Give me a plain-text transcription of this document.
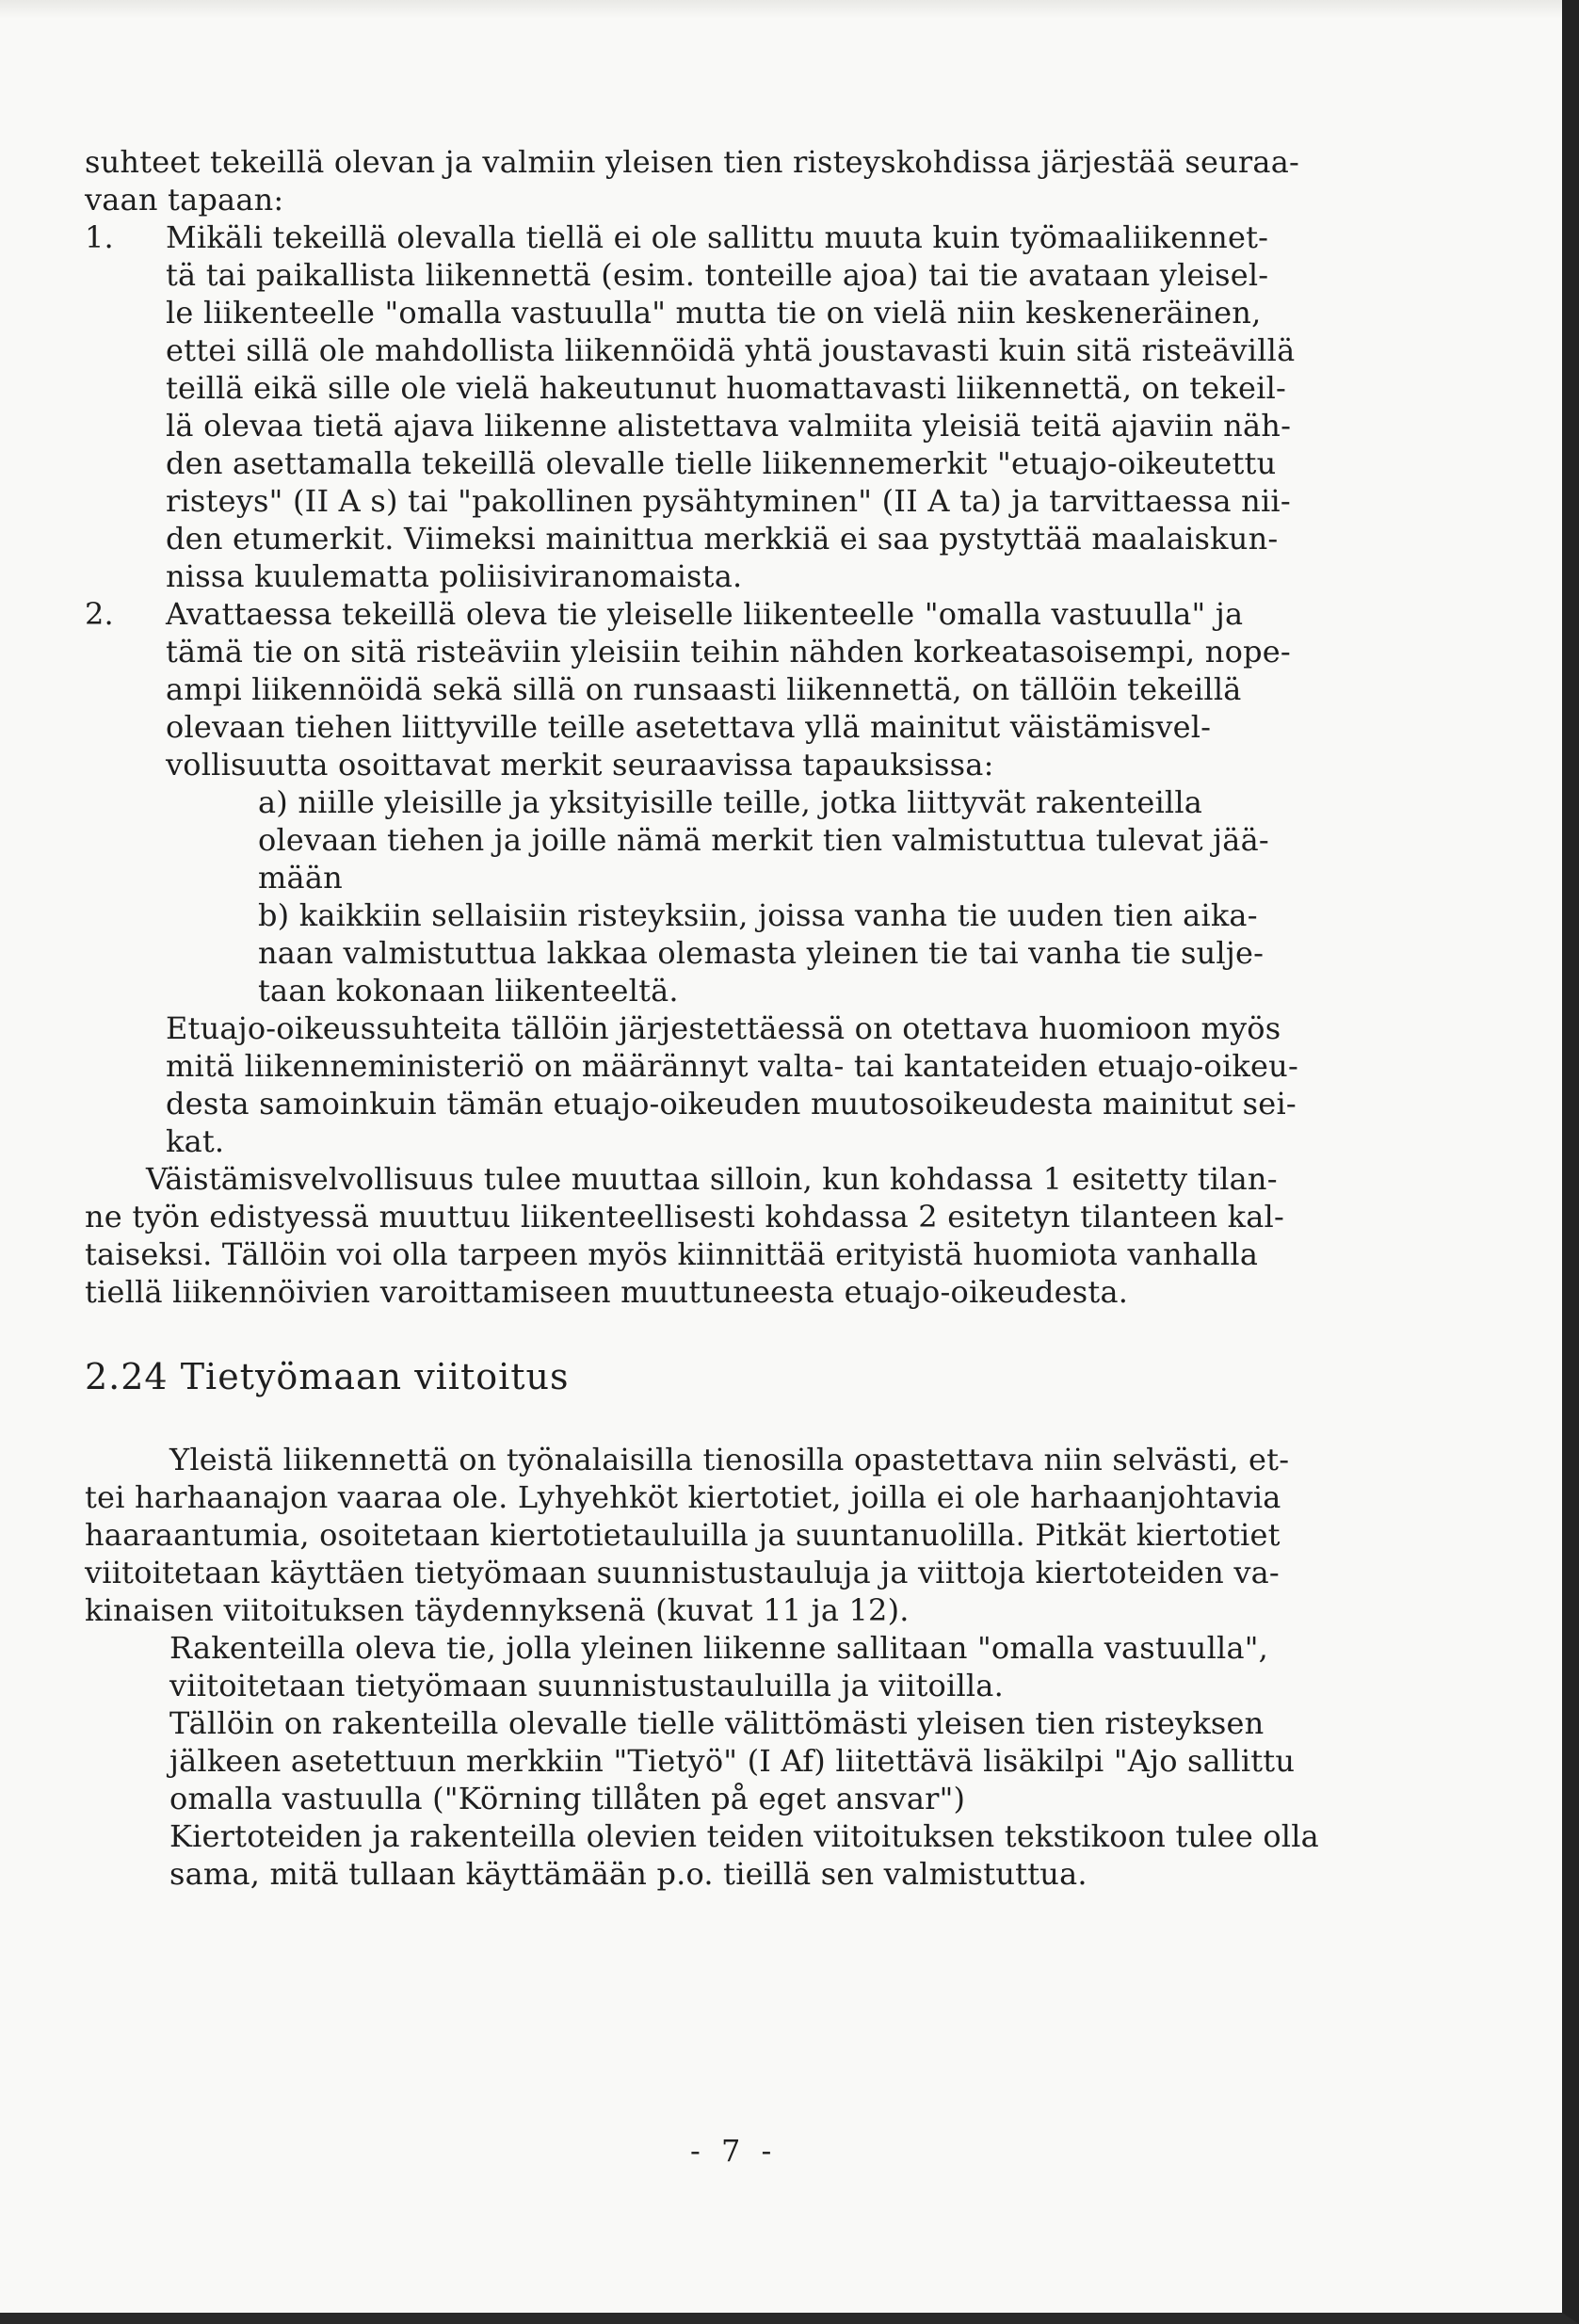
suhteet tekeillä olevan ja valmiin yleisen tien risteyskohdissa järjestää seuraa-
vaan tapaan:
1. Mikäli tekeillä olevalla tiellä ei ole sallittu muuta kuin työmaaliikennet-
tä tai paikallista liikennettä (esim. tonteille ajoa) tai tie avataan yleisel-
le liikenteelle "omalla vastuulla" mutta tie on vielä niin keskeneräinen,
ettei sillä ole mahdollista liikennöidä yhtä joustavasti kuin sitä risteävillä
teillä eikä sille ole vielä hakeutunut huomattavasti liikennettä, on tekeil-
lä olevaa tietä ajava liikenne alistettava valmiita yleisiä teitä ajaviin näh-
den asettamalla tekeillä olevalle tielle liikennemerkit "etuajo-oikeutettu
risteys" (II A s) tai "pakollinen pysähtyminen" (II A ta) ja tarvittaessa nii-
den etumerkit. Viimeksi mainittua merkkiä ei saa pystyttää maalaiskun-
nissa kuulematta poliisiviranomaista.
2. Avattaessa tekeillä oleva tie yleiselle liikenteelle "omalla vastuulla" ja
tämä tie on sitä risteäviin yleisiin teihin nähden korkeatasoisempi, nope-
ampi liikennöidä sekä sillä on runsaasti liikennettä, on tällöin tekeillä
olevaan tiehen liittyville teille asetettava yllä mainitut väistämisvel-
vollisuutta osoittavat merkit seuraavissa tapauksissa:
a) niille yleisille ja yksityisille teille, jotka liittyvät rakenteilla
olevaan tiehen ja joille nämä merkit tien valmistuttua tulevat jää-
mään
b) kaikkiin sellaisiin risteyksiin, joissa vanha tie uuden tien aika-
naan valmistuttua lakkaa olemasta yleinen tie tai vanha tie sulje-
taan kokonaan liikenteeltä.
Etuajo-oikeussuhteita tällöin järjestettäessä on otettava huomioon myös
mitä liikenneministeriö on määrännyt valta- tai kantateiden etuajo-oikeu-
desta samoinkuin tämän etuajo-oikeuden muutosoikeudesta mainitut sei-
kat.
Väistämisvelvollisuus tulee muuttaa silloin, kun kohdassa 1 esitetty tilan-
ne työn edistyessä muuttuu liikenteellisesti kohdassa 2 esitetyn tilanteen kal-
taiseksi. Tällöin voi olla tarpeen myös kiinnittää erityistä huomiota vanhalla
tiellä liikennöivien varoittamiseen muuttuneesta etuajo-oikeudesta.
2.24 Tietyömaan viitoitus
Yleistä liikennettä on työnalaisilla tienosilla opastettava niin selvästi, et-
tei harhaanajon vaaraa ole. Lyhyehköt kiertotiet, joilla ei ole harhaanjohtavia
haaraantumia, osoitetaan kiertotietauluilla ja suuntanuolilla. Pitkät kiertotiet
viitoitetaan käyttäen tietyömaan suunnistustauluja ja viittoja kiertoteiden va-
kinaisen viitoituksen täydennyksenä (kuvat 11 ja 12).
Rakenteilla oleva tie, jolla yleinen liikenne sallitaan "omalla vastuulla",
viitoitetaan tietyömaan suunnistustauluilla ja viitoilla.
Tällöin on rakenteilla olevalle tielle välittömästi yleisen tien risteyksen
jälkeen asetettuun merkkiin "Tietyö" (I Af) liitettävä lisäkilpi "Ajo sallittu
omalla vastuulla ("Körning tillåten på eget ansvar")
Kiertoteiden ja rakenteilla olevien teiden viitoituksen tekstikoon tulee olla
sama, mitä tullaan käyttämään p.o. tieillä sen valmistuttua.
- 7 -
